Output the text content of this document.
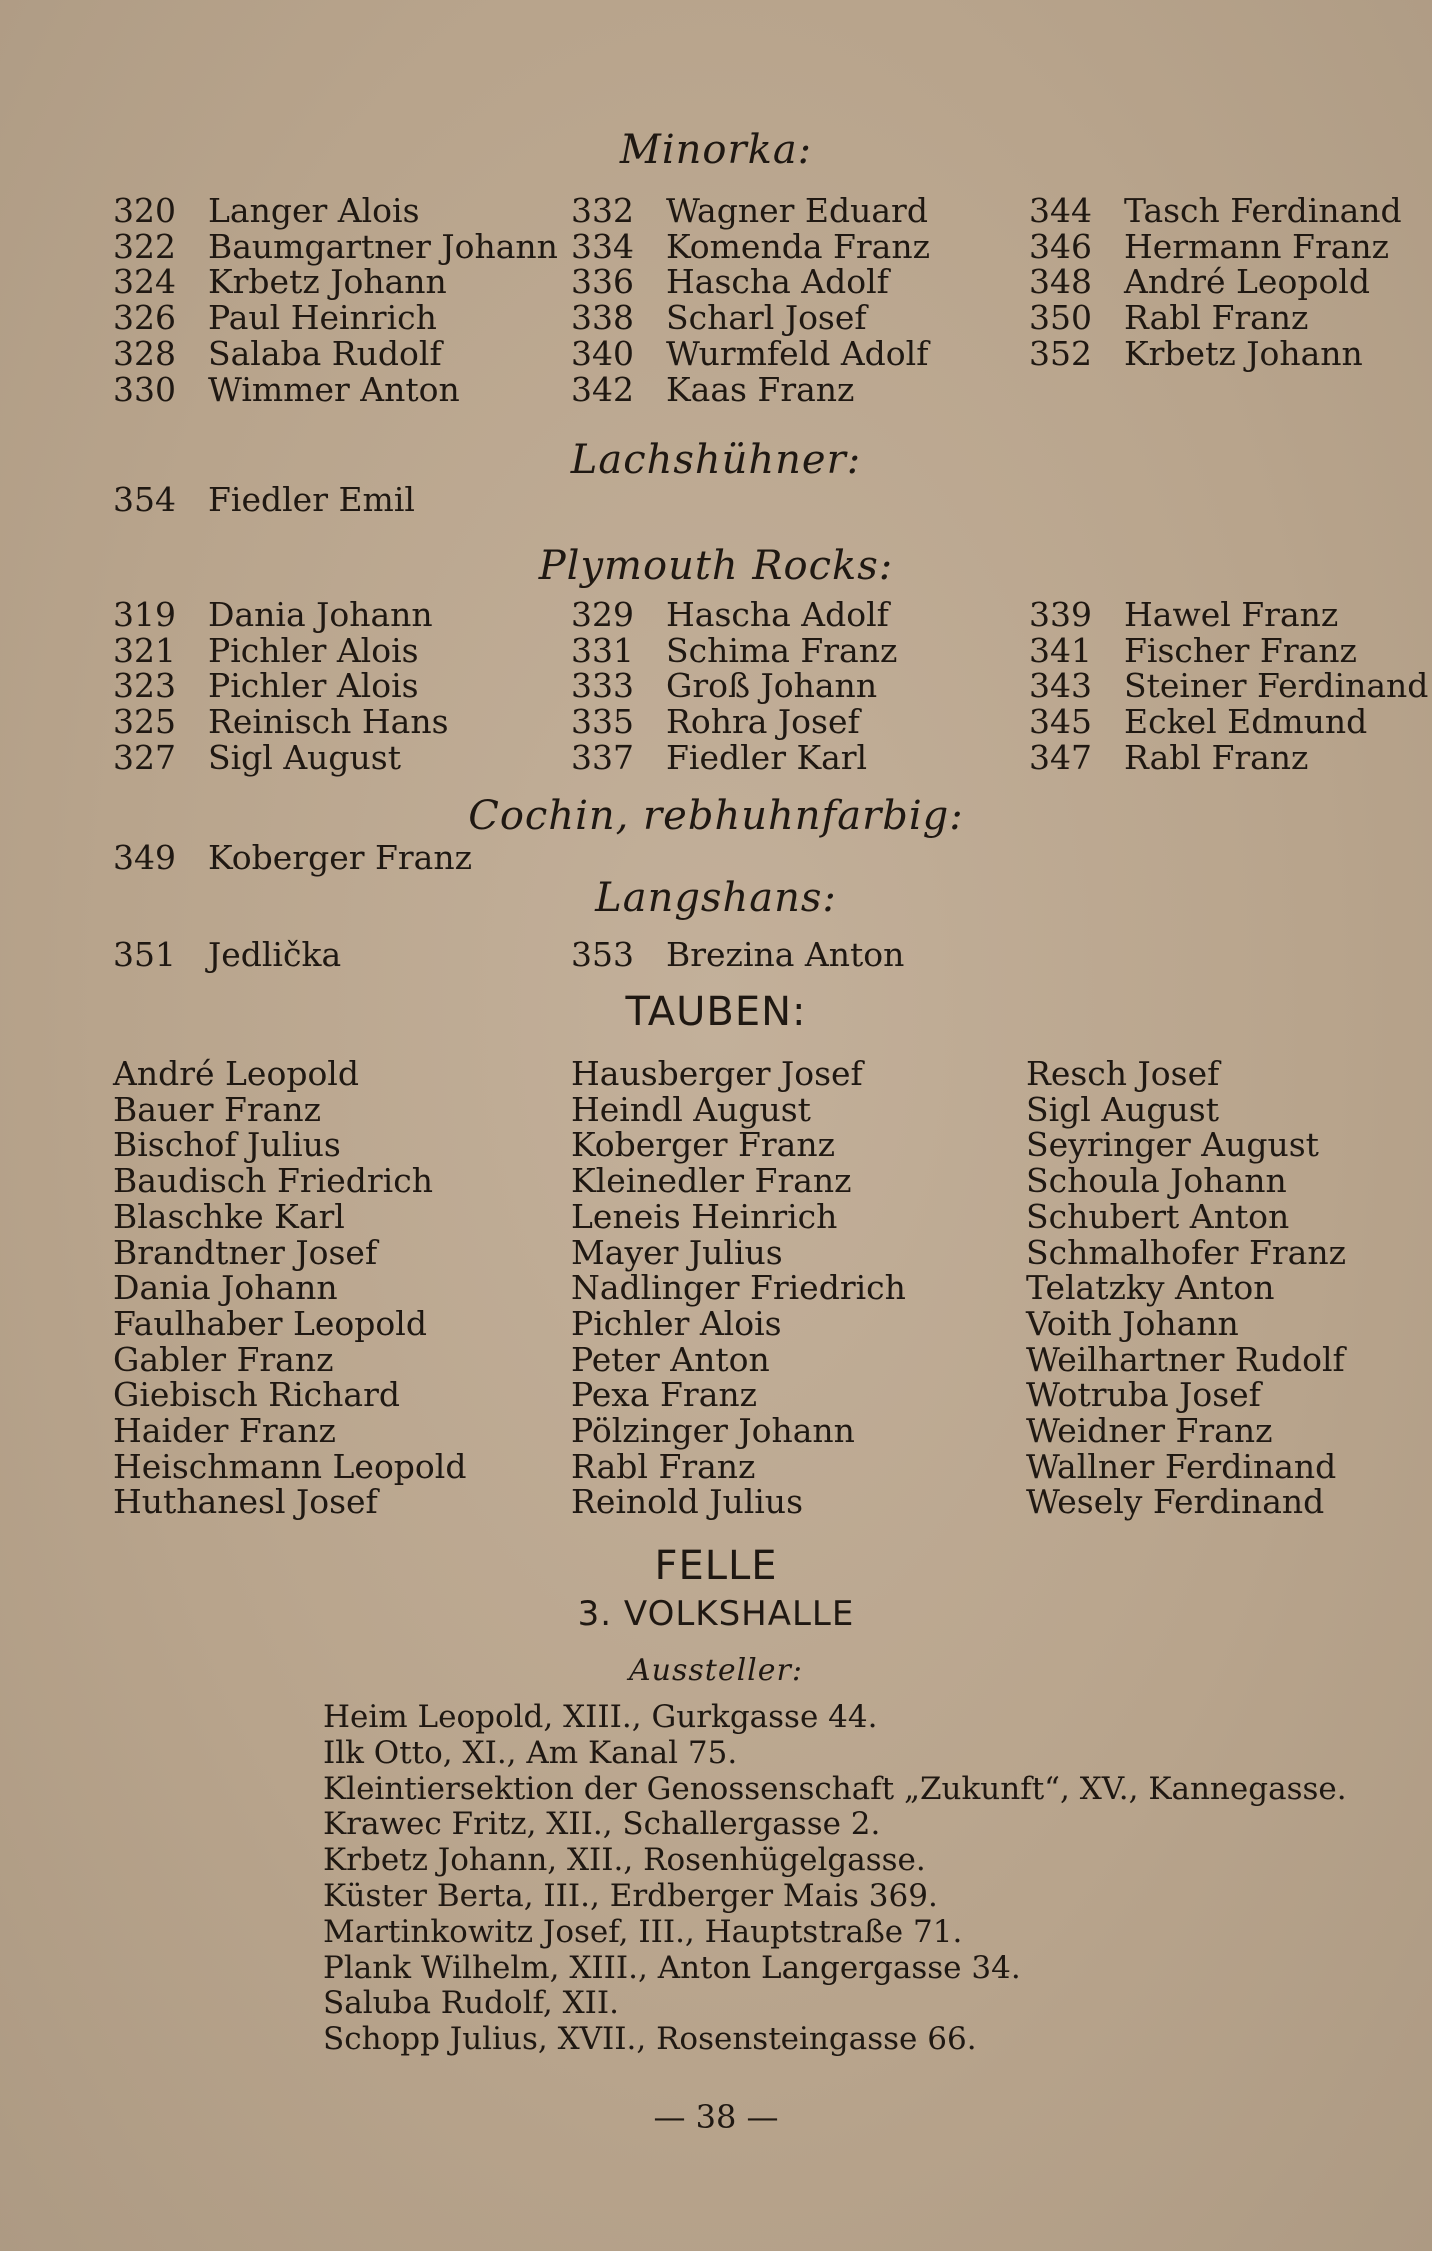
Minorka:
320 Langer Alois
322 Baumgartner Johann
324 Krbetz Johann
326 Paul Heinrich
328 Salaba Rudolf
330 Wimmer Anton
332 Wagner Eduard
334 Komenda Franz
336 Hascha Adolf
338 Scharl Josef
340 Wurmfeld Adolf
342 Kaas Franz
344 Tasch Ferdinand
346 Hermann Franz
348 André Leopold
350 Rabl Franz
352 Krbetz Johann
Lachshühner:
354 Fiedler Emil
Plymouth Rocks:
319 Dania Johann
321 Pichler Alois
323 Pichler Alois
325 Reinisch Hans
327 Sigl August
329 Hascha Adolf
331 Schima Franz
333 Groß Johann
335 Rohra Josef
337 Fiedler Karl
339 Hawel Franz
341 Fischer Franz
343 Steiner Ferdinand
345 Eckel Edmund
347 Rabl Franz
Cochin, rebhuhnfarbig:
349 Koberger Franz
Langshans:
351 Jedlička	353 Brezina Anton
TAUBEN:
André Leopold
Bauer Franz
Bischof Julius
Baudisch Friedrich
Blaschke Karl
Brandtner Josef
Dania Johann
Faulhaber Leopold
Gabler Franz
Giebisch Richard
Haider Franz
Heischmann Leopold
Huthanesl Josef
Hausberger Josef
Heindl August
Koberger Franz
Kleinedler Franz
Leneis Heinrich
Mayer Julius
Nadlinger Friedrich
Pichler Alois
Peter Anton
Pexa Franz
Pölzinger Johann
Rabl Franz
Reinold Julius
Resch Josef
Sigl August
Seyringer August
Schoula Johann
Schubert Anton
Schmalhofer Franz
Telatzky Anton
Voith Johann
Weilhartner Rudolf
Wotruba Josef
Weidner Franz
Wallner Ferdinand
Wesely Ferdinand
FELLE
3. VOLKSHALLE
Aussteller:
Heim Leopold, XIII., Gurkgasse 44.
Ilk Otto, XI., Am Kanal 75.
Kleintiersektion der Genossenschaft „Zukunft“, XV., Kannegasse.
Krawec Fritz, XII., Schallergasse 2.
Krbetz Johann, XII., Rosenhügelgasse.
Küster Berta, III., Erdberger Mais 369.
Martinkowitz Josef, III., Hauptstraße 71.
Plank Wilhelm, XIII., Anton Langergasse 34.
Saluba Rudolf, XII.
Schopp Julius, XVII., Rosensteingasse 66.
— 38 —
